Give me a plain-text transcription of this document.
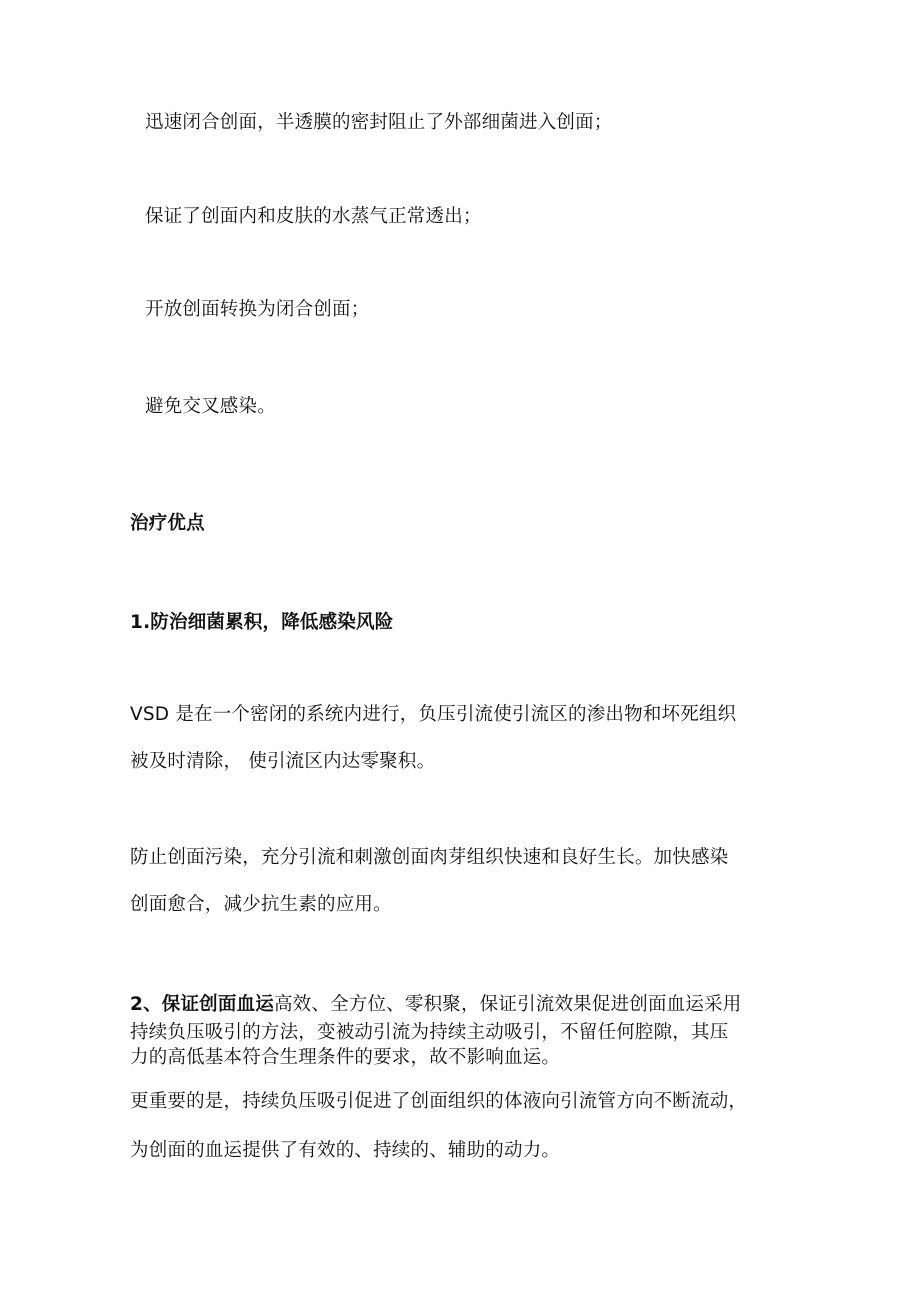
迅速闭合创面，半透膜的密封阻止了外部细菌进入创面；
保证了创面内和皮肤的水蒸气正常透出；
开放创面转换为闭合创面；
避免交叉感染。
治疗优点
1.防治细菌累积，降低感染风险
VSD 是在一个密闭的系统内进行，负压引流使引流区的渗出物和坏死组织
被及时清除， 使引流区内达零聚积。
防止创面污染，充分引流和刺激创面肉芽组织快速和良好生长。加快感染
创面愈合，减少抗生素的应用。
2、保证创面血运高效、全方位、零积聚，保证引流效果促进创面血运采用
持续负压吸引的方法，变被动引流为持续主动吸引，不留任何腔隙，其压
力的高低基本符合生理条件的要求，故不影响血运。
更重要的是，持续负压吸引促进了创面组织的体液向引流管方向不断流动，
为创面的血运提供了有效的、持续的、辅助的动力。
